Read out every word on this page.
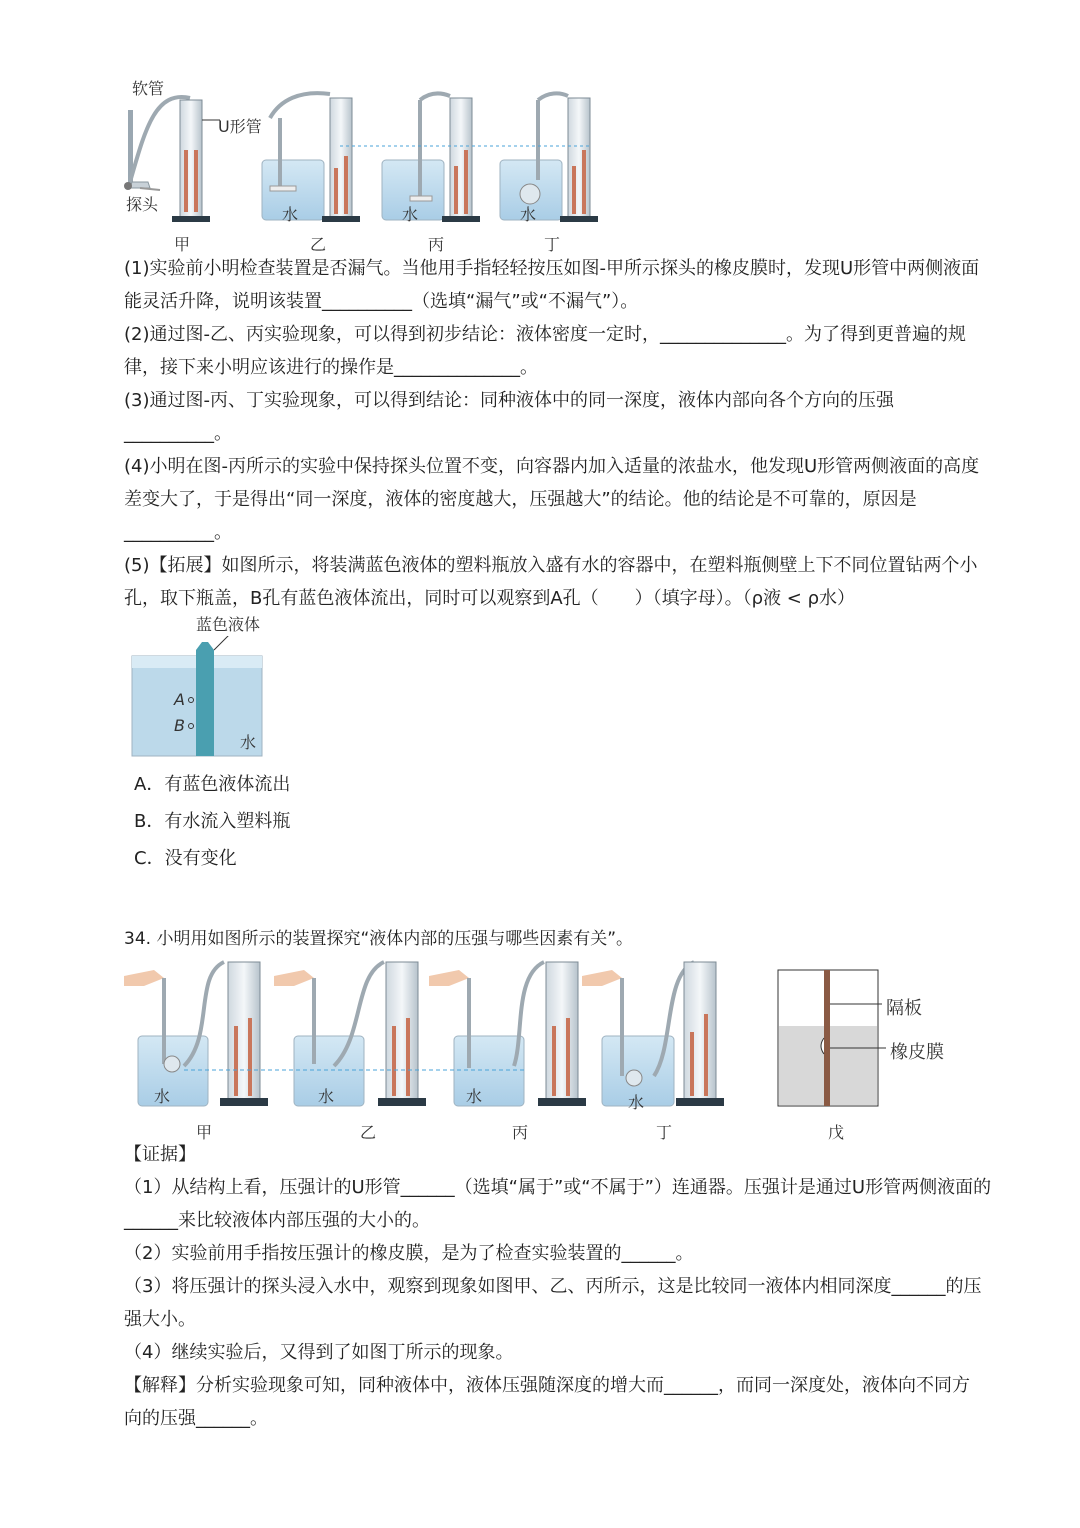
软管
U形管
探头
水	水	水
甲	乙	丙	丁
(1)实验前小明检查装置是否漏气。当他用手指轻轻按压如图-甲所示探头的橡皮膜时，发现U形管中两侧液面
能灵活升降，说明该装置__________（选填“漏气”或“不漏气”）。
(2)通过图-乙、丙实验现象，可以得到初步结论：液体密度一定时，______________。为了得到更普遍的规
律，接下来小明应该进行的操作是______________。
(3)通过图-丙、丁实验现象，可以得到结论：同种液体中的同一深度，液体内部向各个方向的压强
__________。
(4)小明在图-丙所示的实验中保持探头位置不变，向容器内加入适量的浓盐水，他发现U形管两侧液面的高度
差变大了，于是得出“同一深度，液体的密度越大，压强越大”的结论。他的结论是不可靠的，原因是
__________。
(5)【拓展】如图所示，将装满蓝色液体的塑料瓶放入盛有水的容器中，在塑料瓶侧壁上下不同位置钻两个小
孔，取下瓶盖，B孔有蓝色液体流出，同时可以观察到A孔（　　）（填字母）。（ρ液 < ρ水）
蓝色液体
A
B
水
A．有蓝色液体流出
B．有水流入塑料瓶
C．没有变化
34. 小明用如图所示的装置探究“液体内部的压强与哪些因素有关”。
水	水	水	水
隔板
橡皮膜
甲	乙	丙	丁	戊
【证据】
（1）从结构上看，压强计的U形管______（选填“属于”或“不属于”）连通器。压强计是通过U形管两侧液面的
______来比较液体内部压强的大小的。
（2）实验前用手指按压强计的橡皮膜，是为了检查实验装置的______。
（3）将压强计的探头浸入水中，观察到现象如图甲、乙、丙所示，这是比较同一液体内相同深度______的压
强大小。
（4）继续实验后，又得到了如图丁所示的现象。
【解释】分析实验现象可知，同种液体中，液体压强随深度的增大而______，而同一深度处，液体向不同方
向的压强______。
